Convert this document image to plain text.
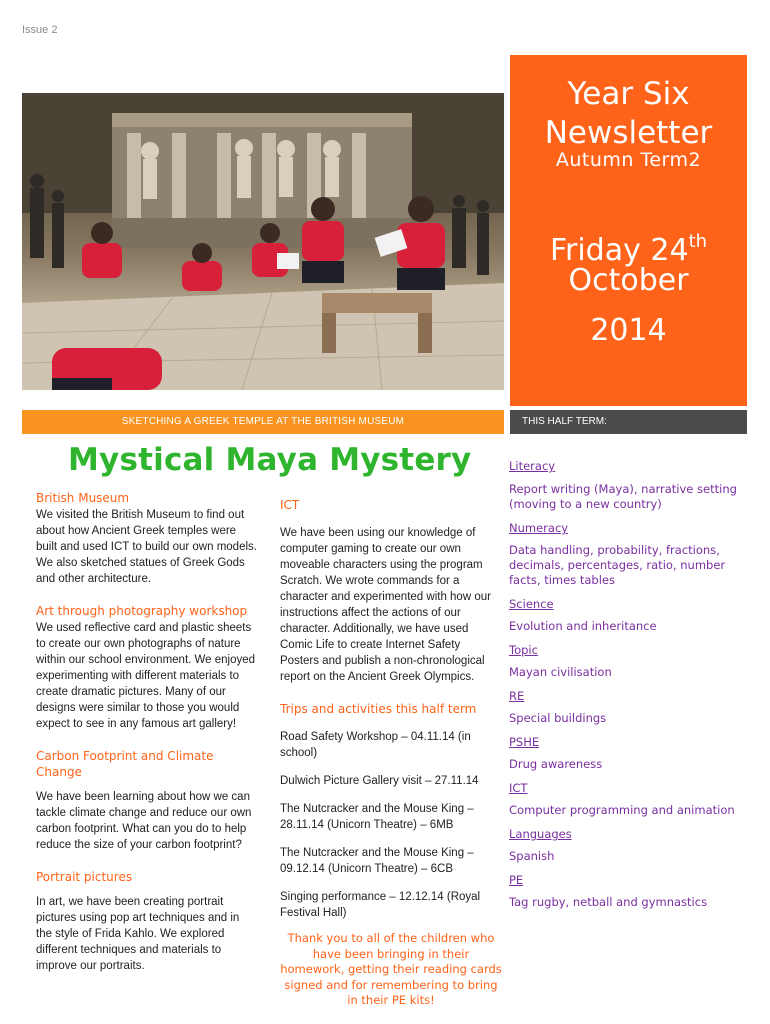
Issue 2
SKETCHING A GREEK TEMPLE AT THE BRITISH MUSEUM
Year Six
Newsletter
Autumn Term2
Friday 24th
October
2014
THIS HALF TERM:
Mystical Maya Mystery

British Museum

We visited the British Museum to find out about how Ancient Greek temples were built and used ICT to build our own models. We also sketched statues of Greek Gods and other architecture.

Art through photography workshop

We used reflective card and plastic sheets to create our own photographs of nature within our school environment. We enjoyed experimenting with different materials to create dramatic pictures. Many of our designs were similar to those you would expect to see in any famous art gallery!

Carbon Footprint and Climate Change

We have been learning about how we can tackle climate change and reduce our own carbon footprint. What can you do to help reduce the size of your carbon footprint?

Portrait pictures

In art, we have been creating portrait pictures using pop art techniques and in the style of Frida Kahlo. We explored different techniques and materials to improve our portraits.

ICT

We have been using our knowledge of computer gaming to create our own moveable characters using the program Scratch. We wrote commands for a character and experimented with how our instructions affect the actions of our character. Additionally, we have used Comic Life to create Internet Safety Posters and publish a non-chronological report on the Ancient Greek Olympics.

Trips and activities this half term

Road Safety Workshop – 04.11.14 (in school)

Dulwich Picture Gallery visit – 27.11.14

The Nutcracker and the Mouse King – 28.11.14 (Unicorn Theatre) – 6MB

The Nutcracker and the Mouse King – 09.12.14 (Unicorn Theatre) – 6CB

Singing performance – 12.12.14 (Royal Festival Hall)

Thank you to all of the children who have been bringing in their homework, getting their reading cards signed and for remembering to bring in their PE kits!

Literacy

Report writing (Maya), narrative setting (moving to a new country)

Numeracy

Data handling, probability, fractions, decimals, percentages, ratio, number facts, times tables

Science

Evolution and inheritance

Topic

Mayan civilisation

RE

Special buildings

PSHE

Drug awareness

ICT

Computer programming and animation

Languages

Spanish

PE

Tag rugby, netball and gymnastics
